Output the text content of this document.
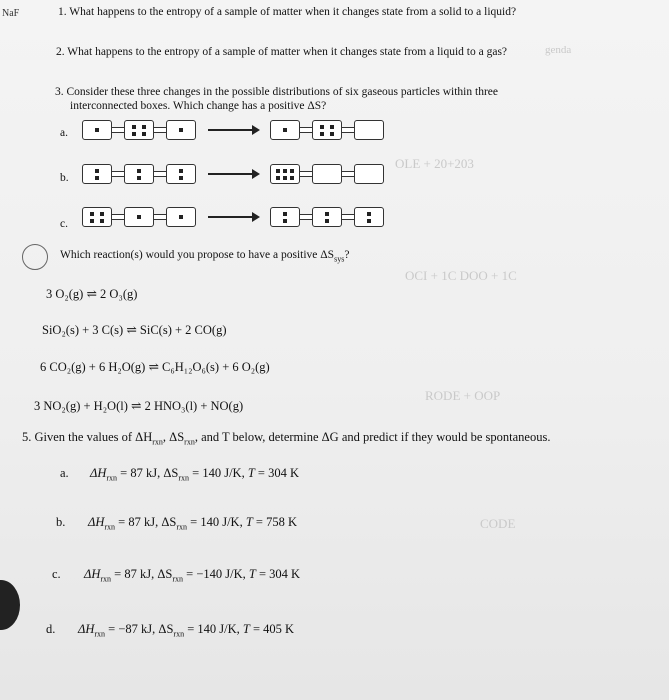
NaF
genda
OLE + 20+203
OCI + 1C DOO + 1C
RODE + OOP
CODE
1. What happens to the entropy of a sample of matter when it changes state from a solid to a liquid?
2. What happens to the entropy of a sample of matter when it changes state from a liquid to a gas?
3. Consider these three changes in the possible distributions of six gaseous particles within three
interconnected boxes. Which change has a positive ΔS?
a.
b.
c.
Which reaction(s) would you propose to have a positive $\Delta S_{sys}$?
3 O₂(g) ⇌ 2 O₃(g)
SiO₂(s) + 3 C(s) ⇌ SiC(s) + 2 CO(g)
6 CO₂(g) + 6 H₂O(g) ⇌ C₆H₁₂O₆(s) + 6 O₂(g)
3 NO₂(g) + H₂O(l) ⇌ 2 HNO₃(l) + NO(g)
5. Given the values of $\Delta H_{rxn}$, $\Delta S_{rxn}$, and T below, determine ΔG and predict if they would be spontaneous.
a. $\Delta H_{rxn} = 87$ kJ, $\Delta S_{rxn} = 140$ J/K, T = 304 K
b. $\Delta H_{rxn} = 87$ kJ, $\Delta S_{rxn} = 140$ J/K, T = 758 K
c. $\Delta H_{rxn} = 87$ kJ, $\Delta S_{rxn} = -140$ J/K, T = 304 K
d. $\Delta H_{rxn} = -87$ kJ, $\Delta S_{rxn} = 140$ J/K, T = 405 K
